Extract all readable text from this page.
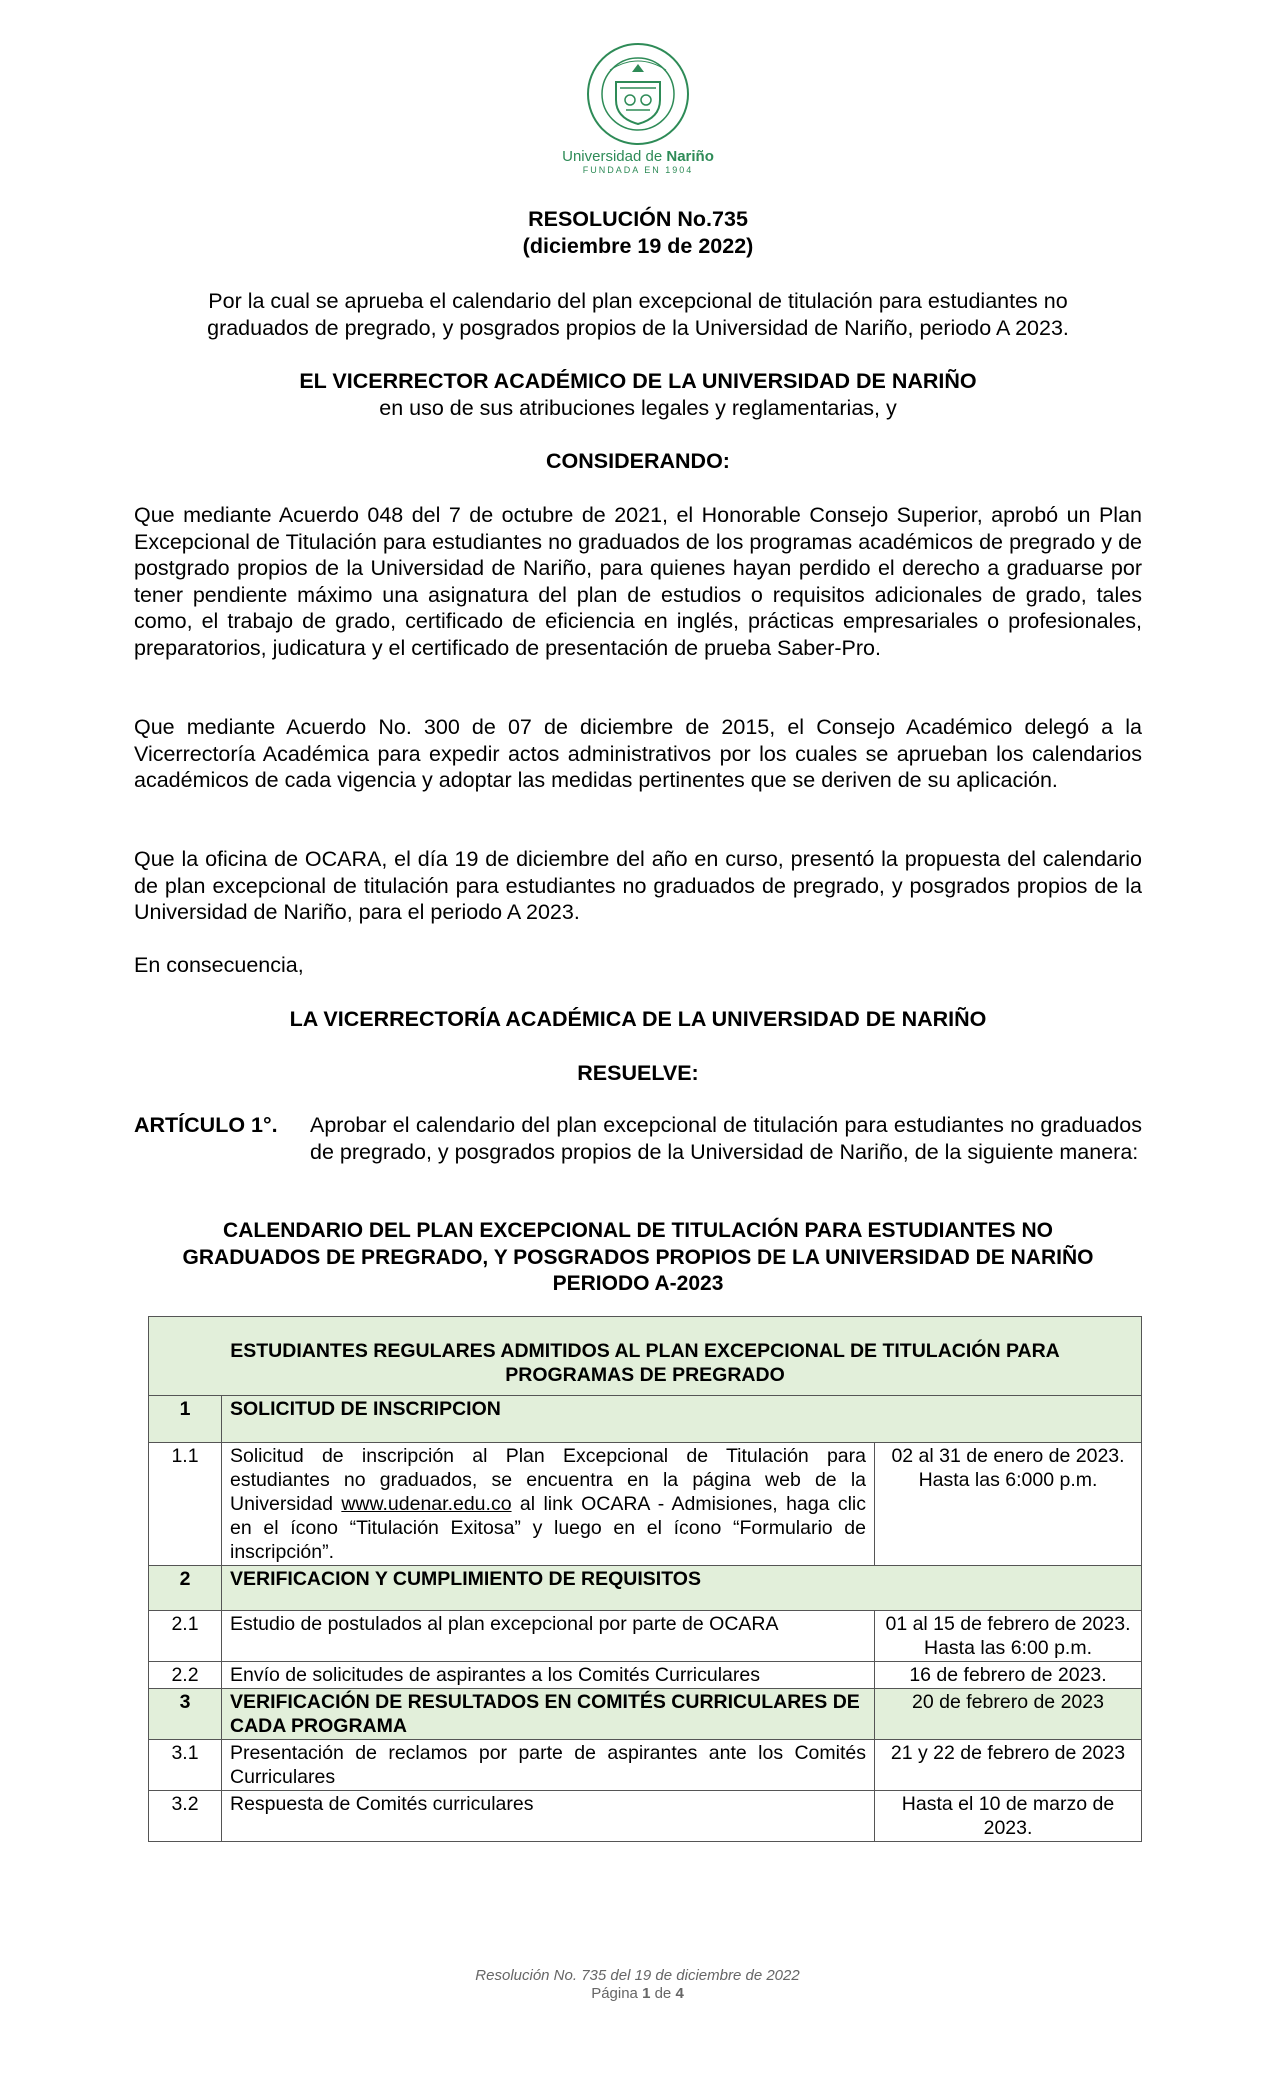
Universidad de Nariño
FUNDADA EN 1904
RESOLUCIÓN No.735
(diciembre 19 de 2022)
Por la cual se aprueba el calendario del plan excepcional de titulación para estudiantes no
graduados de pregrado, y posgrados propios de la Universidad de Nariño, periodo A 2023.
EL VICERRECTOR ACADÉMICO DE LA UNIVERSIDAD DE NARIÑO
en uso de sus atribuciones legales y reglamentarias, y
CONSIDERANDO:

Que mediante Acuerdo 048 del 7 de octubre de 2021, el Honorable Consejo Superior, aprobó un Plan Excepcional de Titulación para estudiantes no graduados de los programas académicos de pregrado y de postgrado propios de la Universidad de Nariño, para quienes hayan perdido el derecho a graduarse por tener pendiente máximo una asignatura del plan de estudios o requisitos adicionales de grado, tales como, el trabajo de grado, certificado de eficiencia en inglés, prácticas empresariales o profesionales, preparatorios, judicatura y el certificado de presentación de prueba Saber-Pro.

Que mediante Acuerdo No. 300 de 07 de diciembre de 2015, el Consejo Académico delegó a la Vicerrectoría Académica para expedir actos administrativos por los cuales se aprueban los calendarios académicos de cada vigencia y adoptar las medidas pertinentes que se deriven de su aplicación.

Que la oficina de OCARA, el día 19 de diciembre del año en curso, presentó la propuesta del calendario de plan excepcional de titulación para estudiantes no graduados de pregrado, y posgrados propios de la Universidad de Nariño, para el periodo A 2023.

En consecuencia,

LA VICERRECTORÍA ACADÉMICA DE LA UNIVERSIDAD DE NARIÑO
RESUELVE:
ARTÍCULO 1°.	Aprobar el calendario del plan excepcional de titulación para estudiantes no graduados de pregrado, y posgrados propios de la Universidad de Nariño, de la siguiente manera:
CALENDARIO DEL PLAN EXCEPCIONAL DE TITULACIÓN PARA ESTUDIANTES NO
GRADUADOS DE PREGRADO, Y POSGRADOS PROPIOS DE LA UNIVERSIDAD DE NARIÑO
PERIODO A-2023
ESTUDIANTES REGULARES ADMITIDOS AL PLAN EXCEPCIONAL DE TITULACIÓN PARA PROGRAMAS DE PREGRADO		
1	SOLICITUD DE INSCRIPCION	
1.1	Solicitud de inscripción al Plan Excepcional de Titulación para estudiantes no graduados, se encuentra en la página web de la Universidad www.udenar.edu.co al link OCARA - Admisiones, haga clic en el ícono “Titulación Exitosa” y luego en el ícono “Formulario de inscripción”.	02 al 31 de enero de 2023. Hasta las 6:000 p.m.
2	VERIFICACION Y CUMPLIMIENTO DE REQUISITOS	
2.1	Estudio de postulados al plan excepcional por parte de OCARA	01 al 15 de febrero de 2023. Hasta las 6:00 p.m.
2.2	Envío de solicitudes de aspirantes a los Comités Curriculares	16 de febrero de 2023.
3	VERIFICACIÓN DE RESULTADOS EN COMITÉS CURRICULARES DE CADA PROGRAMA	20 de febrero de 2023
3.1	Presentación de reclamos por parte de aspirantes ante los Comités Curriculares	21 y 22 de febrero de 2023
3.2	Respuesta de Comités curriculares	Hasta el 10 de marzo de 2023.
Resolución No. 735 del 19 de diciembre de 2022
Página 1 de 4
